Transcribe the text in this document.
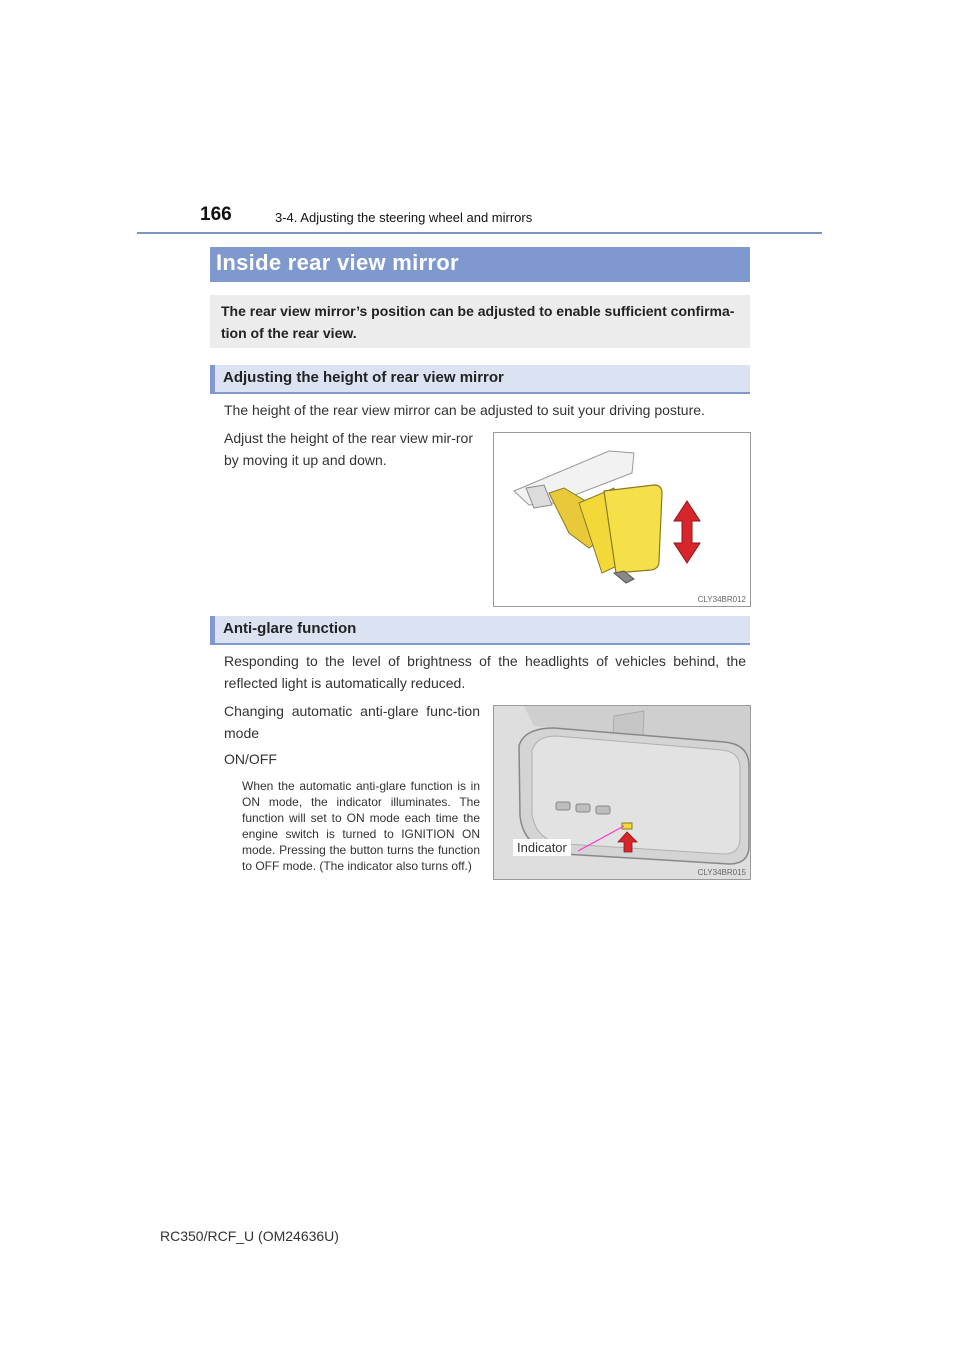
166	3-4. Adjusting the steering wheel and mirrors
Inside rear view mirror

The rear view mirror’s position can be adjusted to enable sufficient confirma-tion of the rear view.

Adjusting the height of rear view mirror

The height of the rear view mirror can be adjusted to suit your driving posture.

Adjust the height of the rear view mir-ror by moving it up and down.

CLY34BR012
Anti-glare function

Responding to the level of brightness of the headlights of vehicles behind, the reflected light is automatically reduced.

Changing automatic anti-glare func-tion mode

ON/OFF

When the automatic anti-glare function is in ON mode, the indicator illuminates. The function will set to ON mode each time the engine switch is turned to IGNITION ON mode. Pressing the button turns the function to OFF mode. (The indicator also turns off.)	CLY34BR015
Indicator
RC350/RCF_U (OM24636U)
